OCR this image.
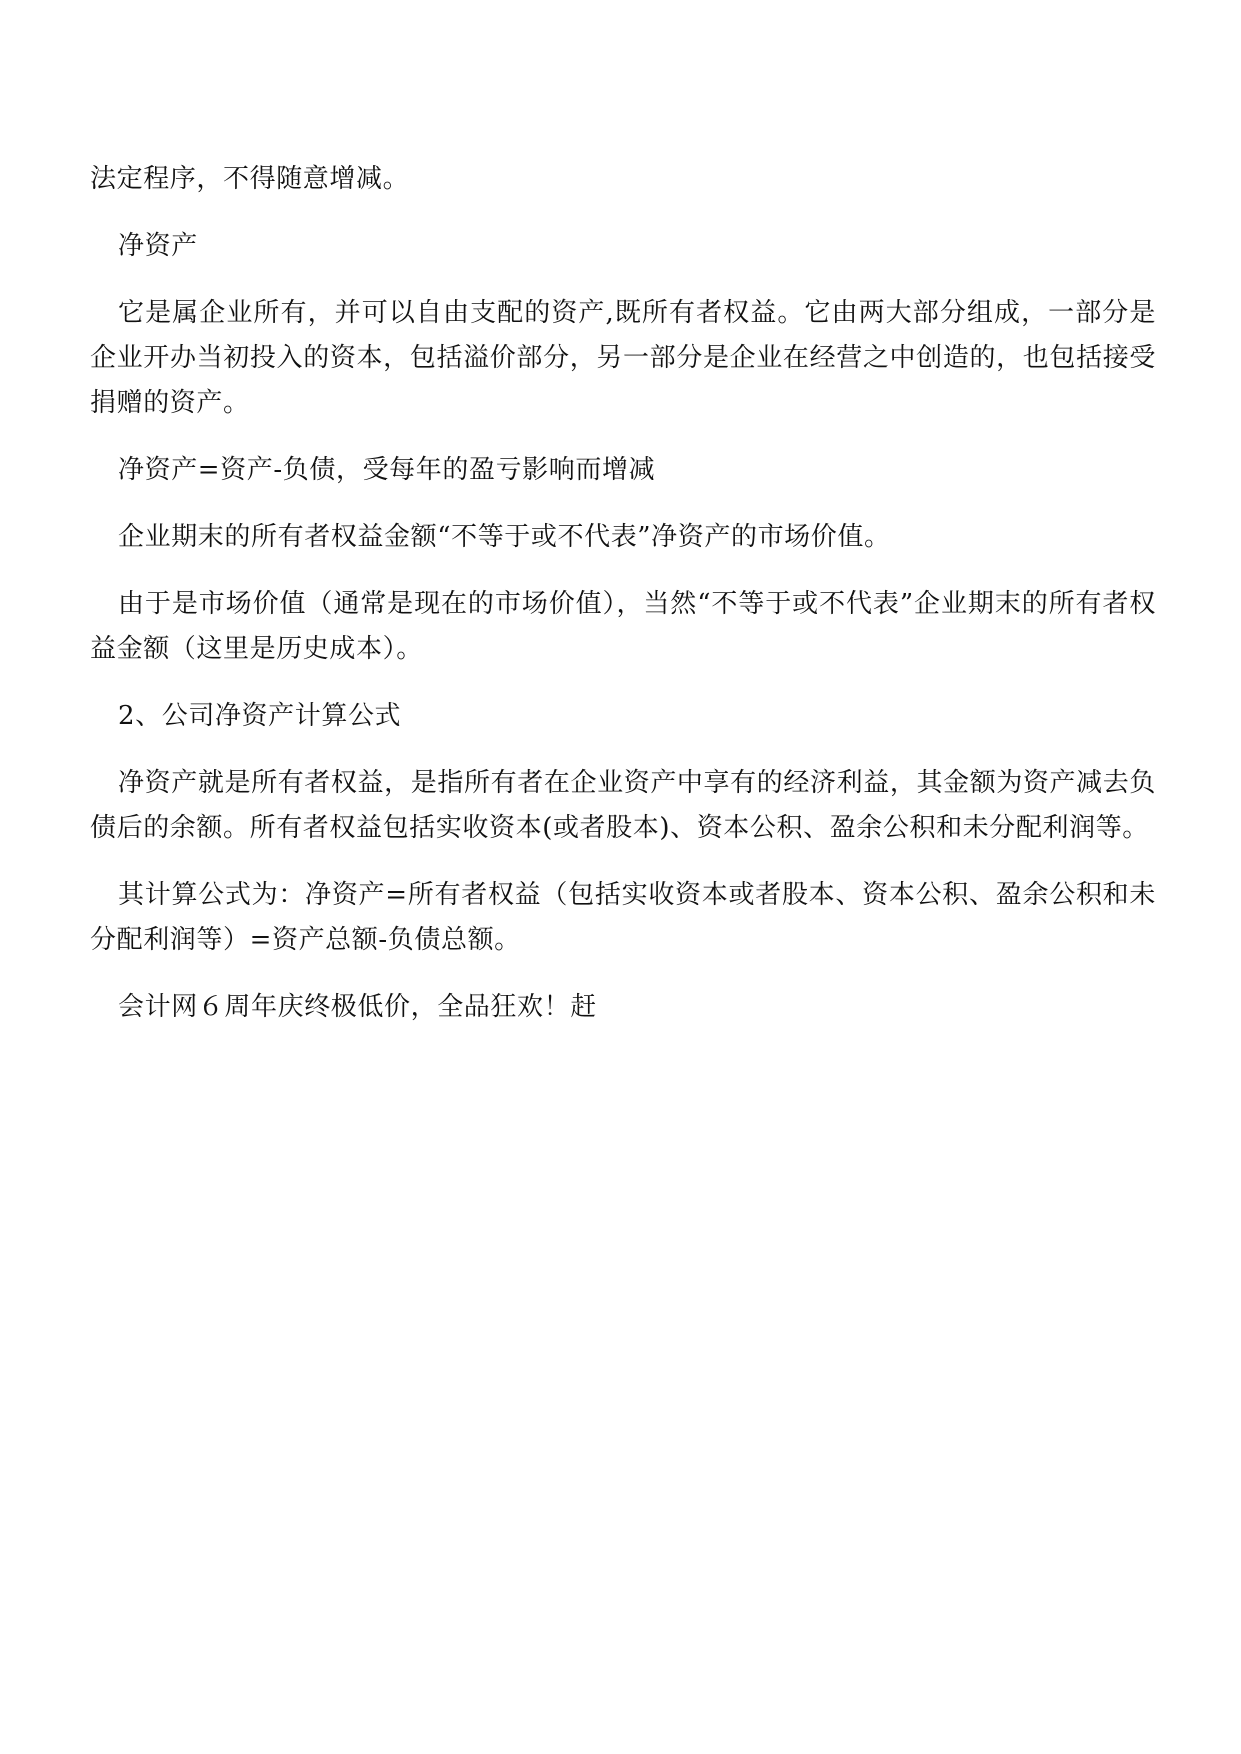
法定程序，不得随意增减。

净资产

它是属企业所有，并可以自由支配的资产,既所有者权益。它由两大部分组成，一部分是企业开办当初投入的资本，包括溢价部分，另一部分是企业在经营之中创造的，也包括接受捐赠的资产。

净资产=资产-负债，受每年的盈亏影响而增减

企业期末的所有者权益金额“不等于或不代表”净资产的市场价值。

由于是市场价值（通常是现在的市场价值），当然“不等于或不代表”企业期末的所有者权益金额（这里是历史成本）。

2、公司净资产计算公式

净资产就是所有者权益，是指所有者在企业资产中享有的经济利益，其金额为资产减去负债后的余额。所有者权益包括实收资本(或者股本)、资本公积、盈余公积和未分配利润等。

其计算公式为：净资产=所有者权益（包括实收资本或者股本、资本公积、盈余公积和未分配利润等）=资产总额-负债总额。

会计网６周年庆终极低价，全品狂欢！赶
